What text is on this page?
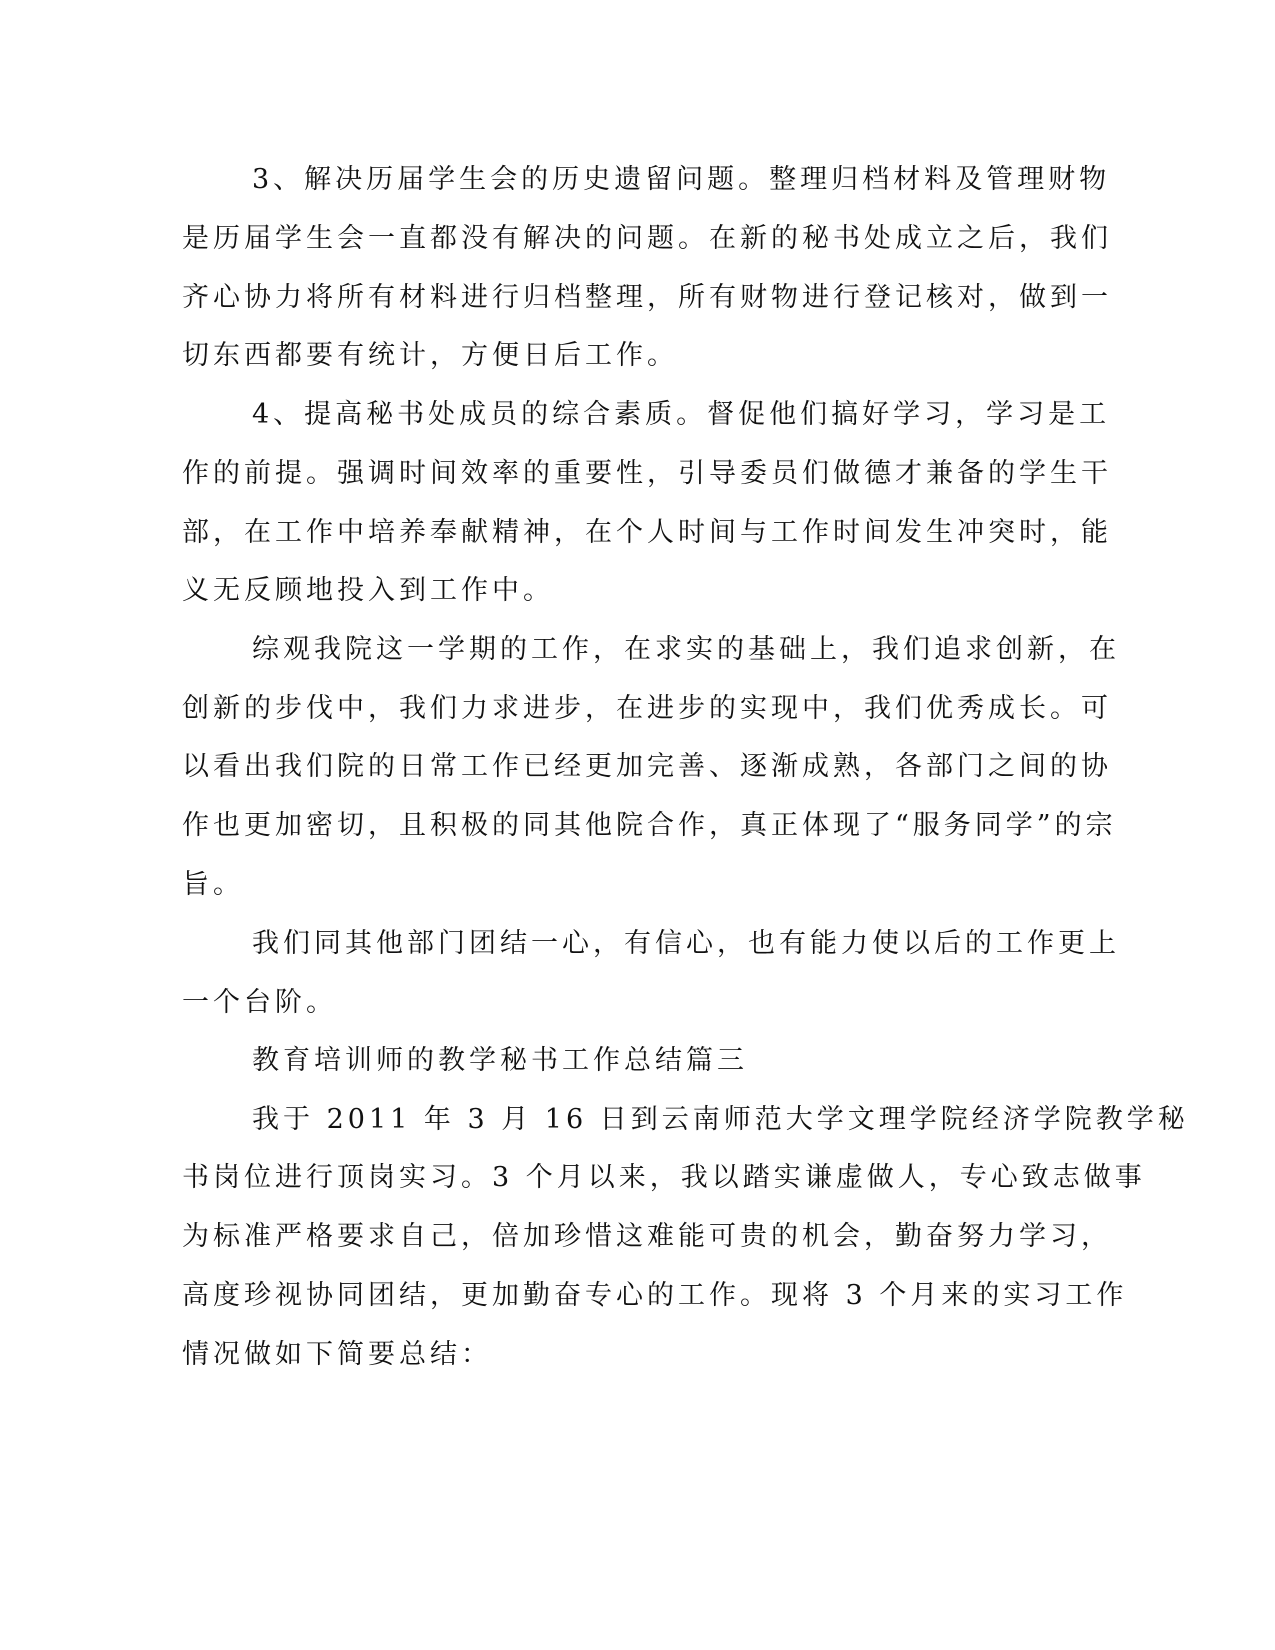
3、解决历届学生会的历史遗留问题。整理归档材料及管理财物
是历届学生会一直都没有解决的问题。在新的秘书处成立之后，我们
齐心协力将所有材料进行归档整理，所有财物进行登记核对，做到一
切东西都要有统计，方便日后工作。
4、提高秘书处成员的综合素质。督促他们搞好学习，学习是工
作的前提。强调时间效率的重要性，引导委员们做德才兼备的学生干
部，在工作中培养奉献精神，在个人时间与工作时间发生冲突时，能
义无反顾地投入到工作中。
综观我院这一学期的工作，在求实的基础上，我们追求创新，在
创新的步伐中，我们力求进步，在进步的实现中，我们优秀成长。可
以看出我们院的日常工作已经更加完善、逐渐成熟，各部门之间的协
作也更加密切，且积极的同其他院合作，真正体现了“服务同学”的宗
旨。
我们同其他部门团结一心，有信心，也有能力使以后的工作更上
一个台阶。
教育培训师的教学秘书工作总结篇三
我于 2011 年 3 月 16 日到云南师范大学文理学院经济学院教学秘
书岗位进行顶岗实习。3 个月以来，我以踏实谦虚做人，专心致志做事
为标准严格要求自己，倍加珍惜这难能可贵的机会，勤奋努力学习，
高度珍视协同团结，更加勤奋专心的工作。现将 3 个月来的实习工作
情况做如下简要总结：
